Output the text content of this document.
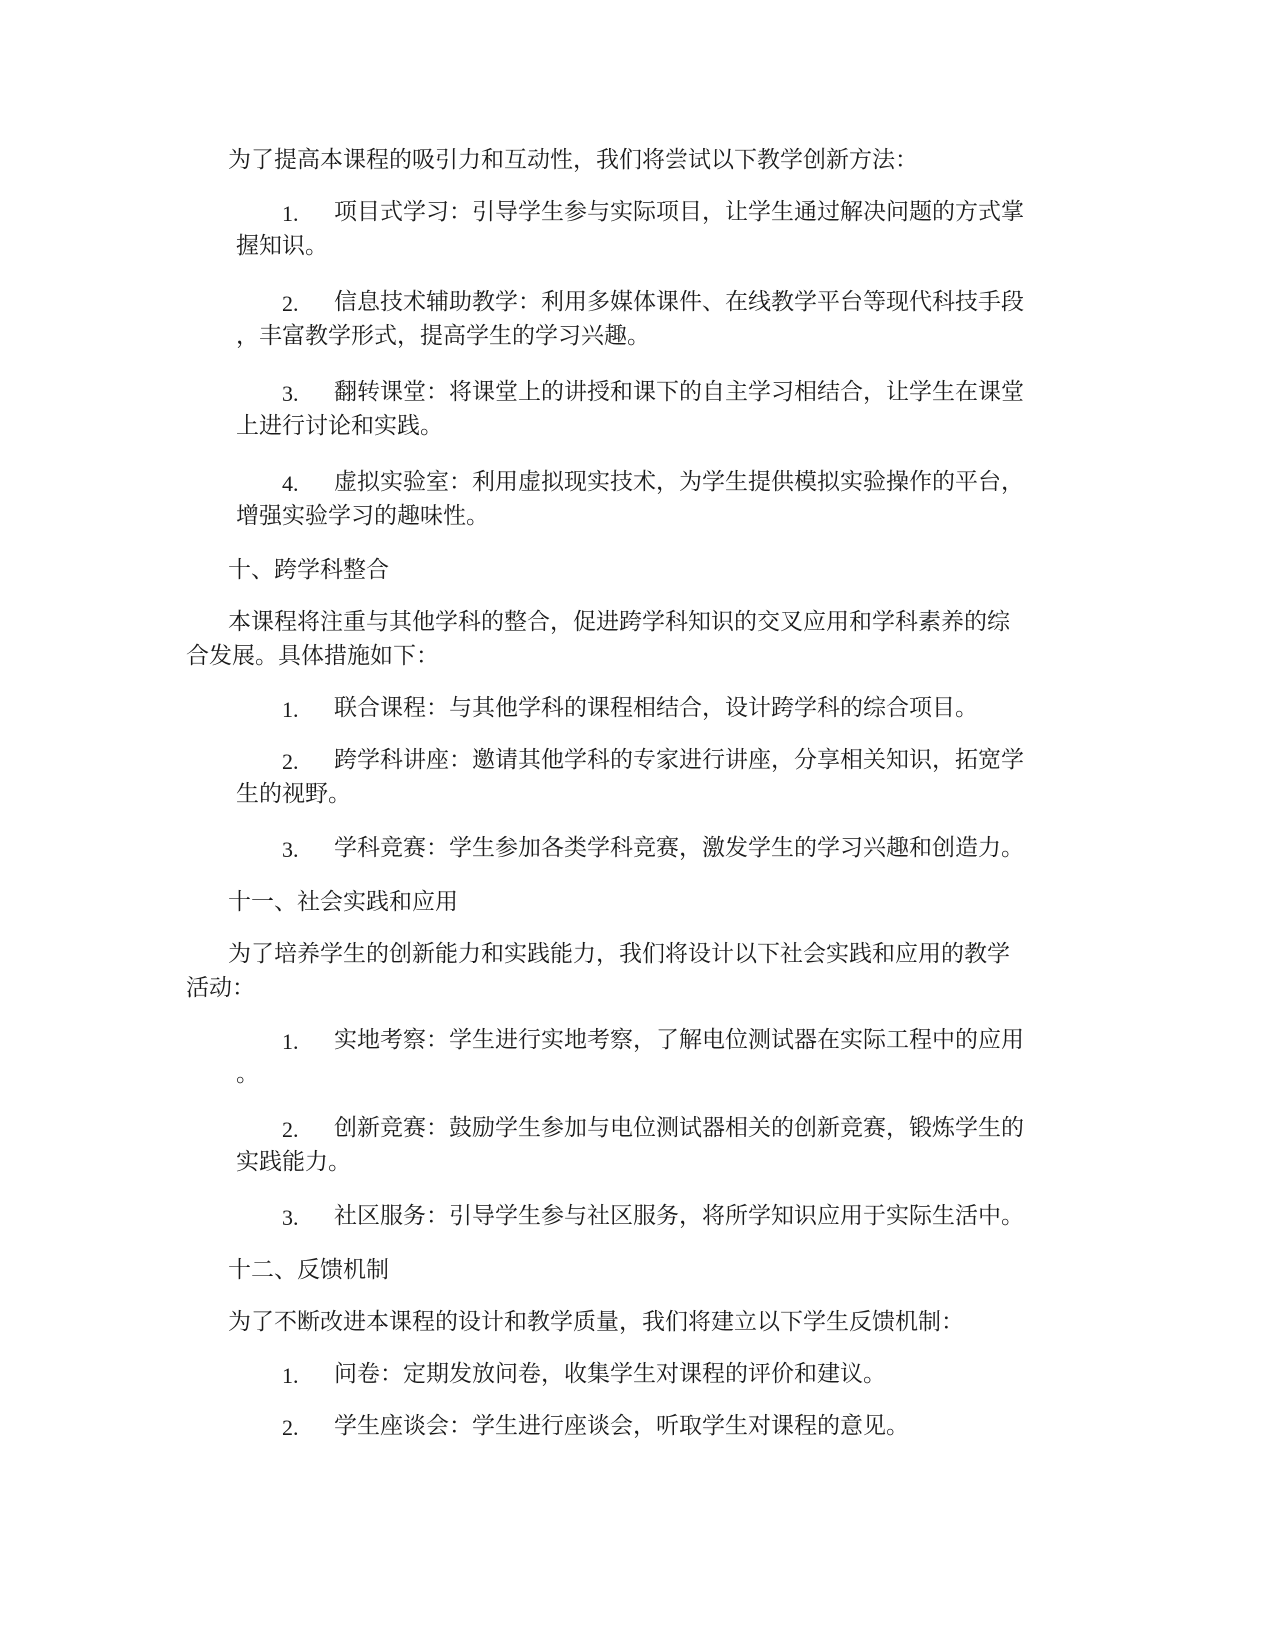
为了提高本课程的吸引力和互动性，我们将尝试以下教学创新方法：
1. 项目式学习：引导学生参与实际项目，让学生通过解决问题的方式掌
握知识。
2. 信息技术辅助教学：利用多媒体课件、在线教学平台等现代科技手段
，丰富教学形式，提高学生的学习兴趣。
3. 翻转课堂：将课堂上的讲授和课下的自主学习相结合，让学生在课堂
上进行讨论和实践。
4. 虚拟实验室：利用虚拟现实技术，为学生提供模拟实验操作的平台，
增强实验学习的趣味性。
十、跨学科整合
本课程将注重与其他学科的整合，促进跨学科知识的交叉应用和学科素养的综
合发展。具体措施如下：
1. 联合课程：与其他学科的课程相结合，设计跨学科的综合项目。
2. 跨学科讲座：邀请其他学科的专家进行讲座，分享相关知识，拓宽学
生的视野。
3. 学科竞赛：学生参加各类学科竞赛，激发学生的学习兴趣和创造力。
十一、社会实践和应用
为了培养学生的创新能力和实践能力，我们将设计以下社会实践和应用的教学
活动：
1. 实地考察：学生进行实地考察，了解电位测试器在实际工程中的应用
。
2. 创新竞赛：鼓励学生参加与电位测试器相关的创新竞赛，锻炼学生的
实践能力。
3. 社区服务：引导学生参与社区服务，将所学知识应用于实际生活中。
十二、反馈机制
为了不断改进本课程的设计和教学质量，我们将建立以下学生反馈机制：
1. 问卷：定期发放问卷，收集学生对课程的评价和建议。
2. 学生座谈会：学生进行座谈会，听取学生对课程的意见。
